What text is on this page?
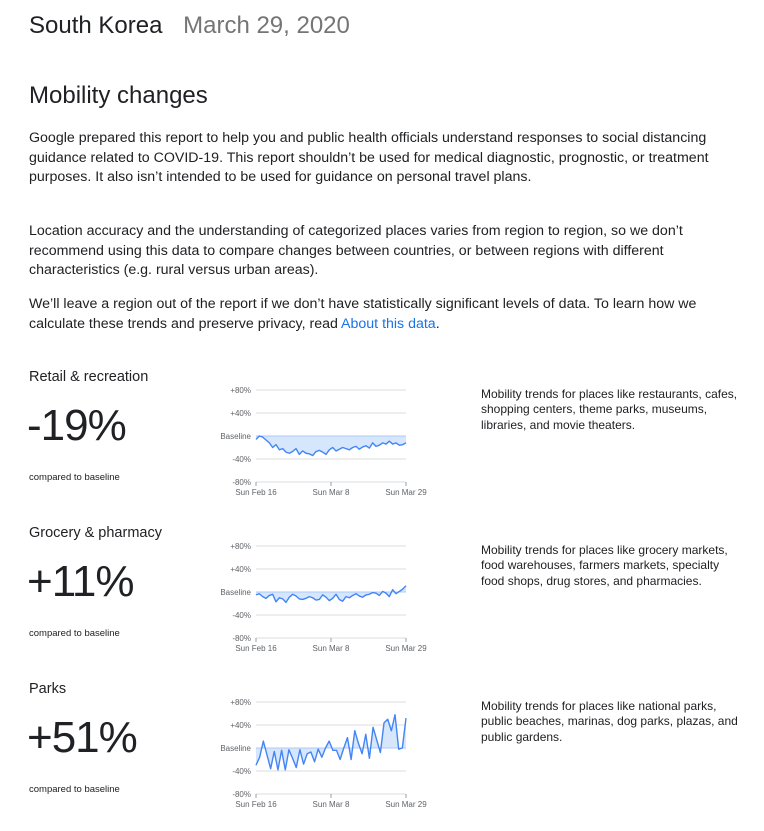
South Korea March 29, 2020
Mobility changes

Google prepared this report to help you and public health officials understand responses to social distancing guidance related to COVID-19. This report shouldn’t be used for medical diagnostic, prognostic, or treatment purposes. It also isn’t intended to be used for guidance on personal travel plans.

Location accuracy and the understanding of categorized places varies from region to region, so we don’t recommend using this data to compare changes between countries, or between regions with different characteristics (e.g. rural versus urban areas).

We’ll leave a region out of the report if we don’t have statistically significant levels of data. To learn how we calculate these trends and preserve privacy, read About this data.

Retail & recreation
-19%
compared to baseline
+80%
+40%
Baseline
-40%
-80%
Sun Feb 16	Sun Mar 8	Sun Mar 29
Mobility trends for places like restaurants, cafes, shopping centers, theme parks, museums, libraries, and movie theaters.
Grocery & pharmacy
+11%
compared to baseline
+80%
+40%
Baseline
-40%
-80%
Sun Feb 16	Sun Mar 8	Sun Mar 29
Mobility trends for places like grocery markets, food warehouses, farmers markets, specialty food shops, drug stores, and pharmacies.
Parks
+51%
compared to baseline
+80%
+40%
Baseline
-40%
-80%
Sun Feb 16	Sun Mar 8	Sun Mar 29
Mobility trends for places like national parks, public beaches, marinas, dog parks, plazas, and public gardens.
